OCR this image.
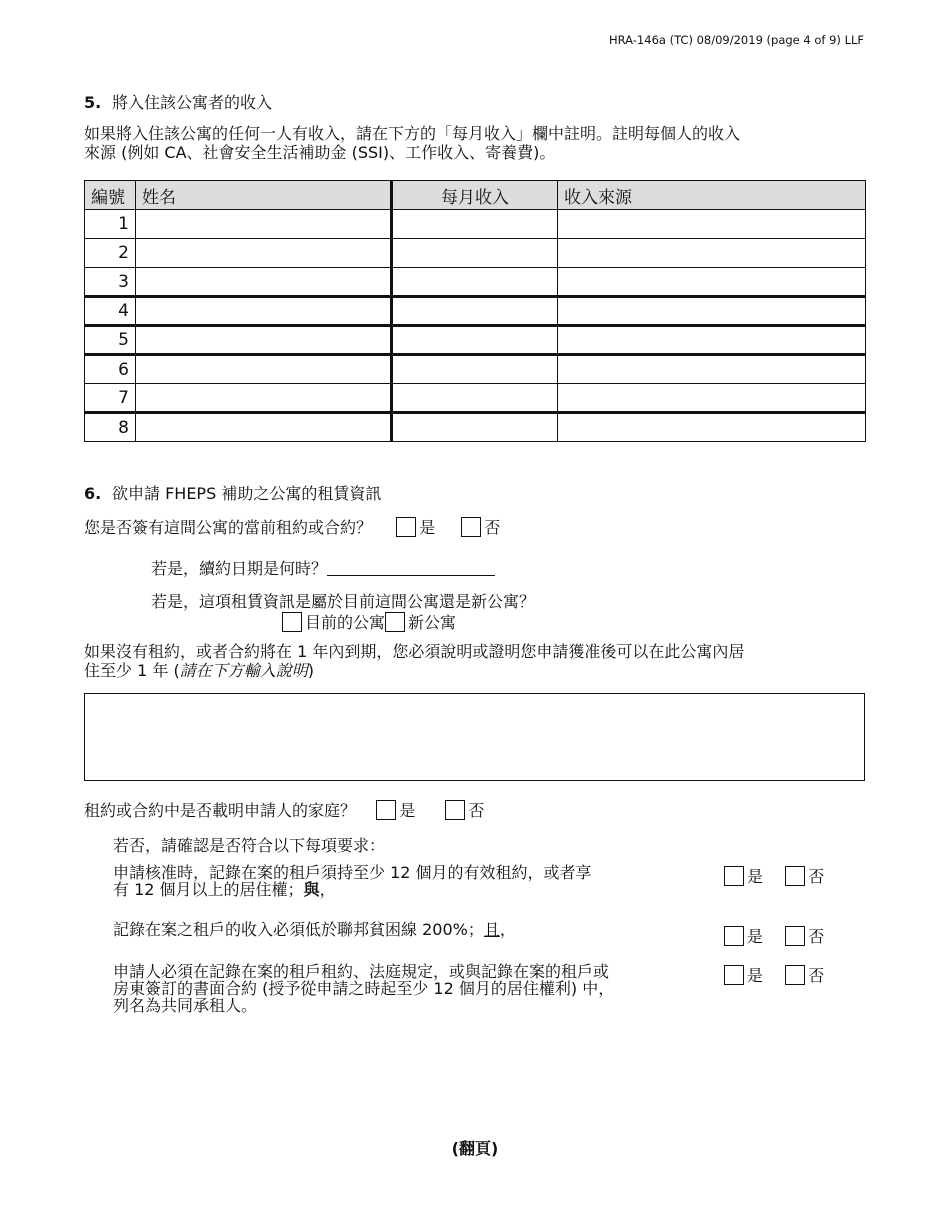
HRA-146a (TC) 08/09/2019 (page 4 of 9) LLF
5. 將入住該公寓者的收入
如果將入住該公寓的任何一人有收入，請在下方的「每月收入」欄中註明。註明每個人的收入
來源 (例如 CA、社會安全生活補助金 (SSI)、工作收入、寄養費)。
編號	姓名	每月收入	收入來源
1			
2			
3			
4			
5			
6			
7			
8			
6. 欲申請 FHEPS 補助之公寓的租賃資訊
您是否簽有這間公寓的當前租約或合約？	是	否
若是，續約日期是何時？
若是，這項租賃資訊是屬於目前這間公寓還是新公寓？
目前的公寓 新公寓
如果沒有租約，或者合約將在 1 年內到期，您必須說明或證明您申請獲准後可以在此公寓內居
住至少 1 年 (請在下方輸入說明)
租約或合約中是否載明申請人的家庭？	是	否
若否，請確認是否符合以下每項要求：
申請核准時，記錄在案的租戶須持至少 12 個月的有效租約，或者享
有 12 個月以上的居住權；與，
是	否
記錄在案之租戶的收入必須低於聯邦貧困線 200%；且，	是	否
申請人必須在記錄在案的租戶租約、法庭規定，或與記錄在案的租戶或
房東簽訂的書面合約 (授予從申請之時起至少 12 個月的居住權利) 中，
列名為共同承租人。
是	否
(翻頁)
